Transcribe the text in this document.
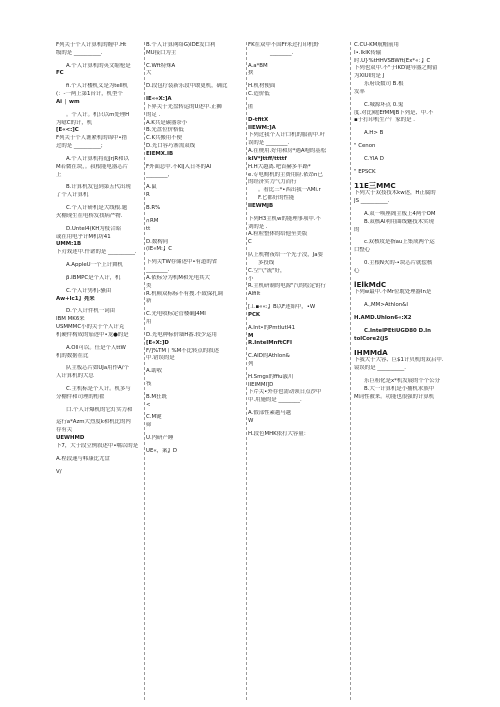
F列关于个人计算机的缠中.Ht
级的是 __________.
A.个人计算机的英文缩枪是
FC
fi.个人计楼机义是为tell机
(：-一两上第1台计，机型个
Ai │ wm
。个人计。机只以m处理H
为噫C的计，机
[E«<:]C
F列关于个人谯紧机的锦中•措
过的是 __________;
A.个人计算机将逅JrjR和以
M若微在块，。叔根能电器芯片
上
B.计算机发包到第五代出现
了个人计算机
C.个人计研机是大线根.题
火棚现生在电桥发找病严物.
D.Untel4(KH为枝合昭
或在用电乎计M机坊41
UMM:1B
卜刃戏述中.仵谑的是 __________.
A.AppleU一个上计舞机
β.IBMPC是个人计，机
C.个人计男机-骚由
Aw+lc1】亮来
D.个人计件机一词由
IBM MK6来
USMMMC小的关于个人计克
机硬件构成的笳述中•龙●的是
A.Oll可以。任是个人ttW
机的数据在比
队主板芯片如UJa用作A/个
人计算机的大总
C.主机标是个人计。机多与
分棚件和司理的桁翟
口.个人计爆机的它灯实力和
运行a*Azm大烈度k和机比的内
存有关
UEWHMD
卜7，大于段立例叙述中•嘴以的是
A.程段速与帏康比尤盘
V/
B.个人计算网络G)IDE发口利
MU接口为主
C.Wft特殊A
大
D.段包疗装新乐段中敢更机，确比
IE««X:]A
卜界关于光盘转运的U述中.正狮
的足 .
A.K共是碳器奈小
B.光盘位价格低
C.K共搬用不便
D.光口容巧寨需双线
EIEMX.IB
F外面总中.不KIJ入日冬的AI
________,
A.鼠
R
B.R%
∩RM
tt
D.数构同
(IE«M:】C
下列关TW存储述中•有道的省
________.
A.依标分为机M和光电其大
类
R.机顿双标标不有搜.不致保扎调
新
C.光电收标定管楼确J4MI
用
D.光电种标价墙H番.较少运用
[E«X:]D
F/]%TM丨%M不比转点的叙述
中.错误的是
A.助收
筏
B.M狂既
<
C.M键
筛
U.内研产睡
UE«，案】D
FK在双中不国Ff米过打印机野
________.
A.a*BM
挟
H.机材便面
C.造价低
匿
D-tfitX
IIEWM:]A
卜列过我个人计口机的服初中.叶
误的是 ________.
A.在梗用.好用和房*遇A咆的基松
kIV*Jttff/ttttf
H.H大越离.吧首赫多半路*
e.专电购机的主费用险.依昂n已
的经济实力气力而行
。看比三*•西出我一ΛMi.r
F.匕都好的性能
IIEWMJB
下列H3主机w的能理事项中.不
刘的是 .
A.粒粒整体的给他至美版
C
队上机物夜给一个光子没，Ja要
多投线
C.空气"流"好，
小
R.主机研制的电源"汽的绘定钥行
Alfilt
[工▪««:】B以F述始中，•W
PCK
A.Int•的Pmtlutl41
M
R.IntelMnftCFI
C.AID的Athlon&
列
H.Smgs的ffiu霰川
IIEIMMI]D
下芹关•外存也需动领日点沙中
中.用施的是 ________.
A.假部性素越马越
W
H.段色MHK依打大容量：
C.CU-KM航帽前用
I•.IkIK传输
时.U}%tHHVSBWft(Ex*«：】C
下列也双中.不"于IKD键导器之购留
为XIUl的是 J
乐府设数司 B.根
发率
C.城源坏点 0.鬼
度.对比殿[EfMMJB下列是、中.不
▪于打印机生产厂家的是 .
A.H> B
" Cenon
C.YIA D
" EPSCK
11E三MMC
卜列大于双技技术kw述，H正腐的
JS __________.
A.双一唤座阁主板上4两个OM
B.双核Al利用曲线魅技术实现
的
c.双核攻是指au上集成两个运
口整心
0.主根N火的-•块芯片就偿核
心
lElkMdC
下列w最中.不Mr位耽处理器In是
A.,MM>Athlon&I
H.AMD.Uhlon6«:X2
C.IntelPEtiUGD80 D.In
tolCore2(JS
IHMMdA
卜我大于大容、巨$1计贝机的双启中.
镜误的是 __________.
乐巨租化是x*机发展的个个公分
B.大一计算机是小捕机求族中
M词性被来。功能也很强的计算机
